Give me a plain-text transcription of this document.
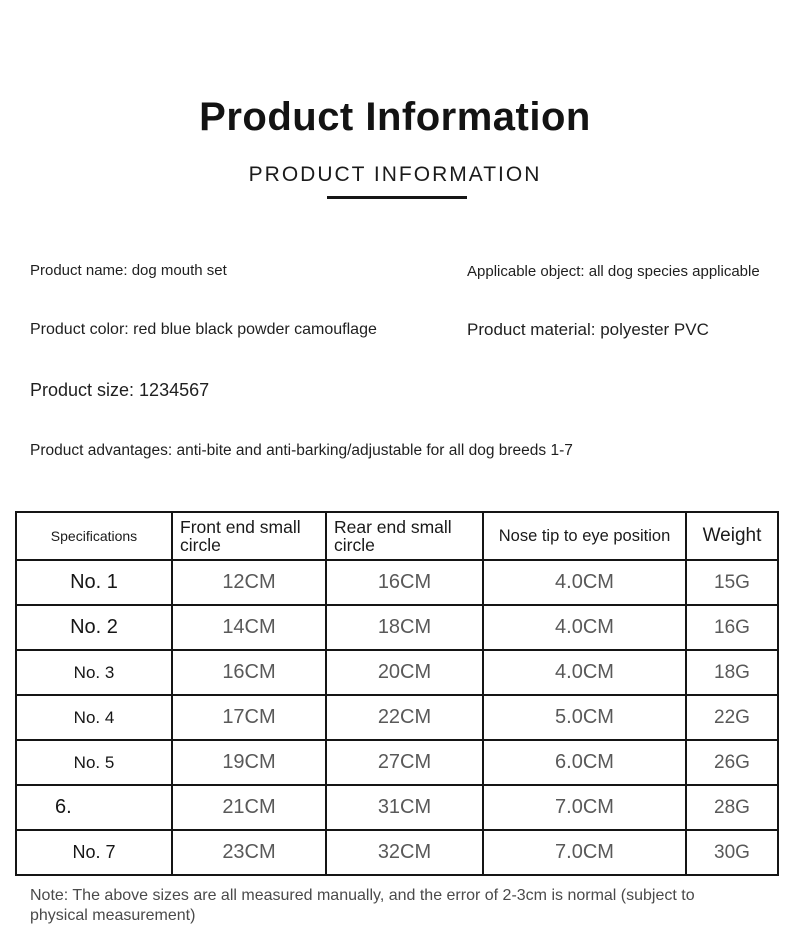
Product Information
PRODUCT INFORMATION
Product name: dog mouth set	Applicable object: all dog species applicable
Product color: red blue black powder camouflage	Product material: polyester PVC
Product size: 1234567
Product advantages: anti-bite and anti-barking/adjustable for all dog breeds 1-7
Specifications	Front end small circle	Rear end small circle	Nose tip to eye position	Weight
No. 1	12CM	16CM	4.0CM	15G
No. 2	14CM	18CM	4.0CM	16G
No. 3	16CM	20CM	4.0CM	18G
No. 4	17CM	22CM	5.0CM	22G
No. 5	19CM	27CM	6.0CM	26G
6.	21CM	31CM	7.0CM	28G
No. 7	23CM	32CM	7.0CM	30G
Note: The above sizes are all measured manually, and the error of 2-3cm is normal (subject to physical measurement)
